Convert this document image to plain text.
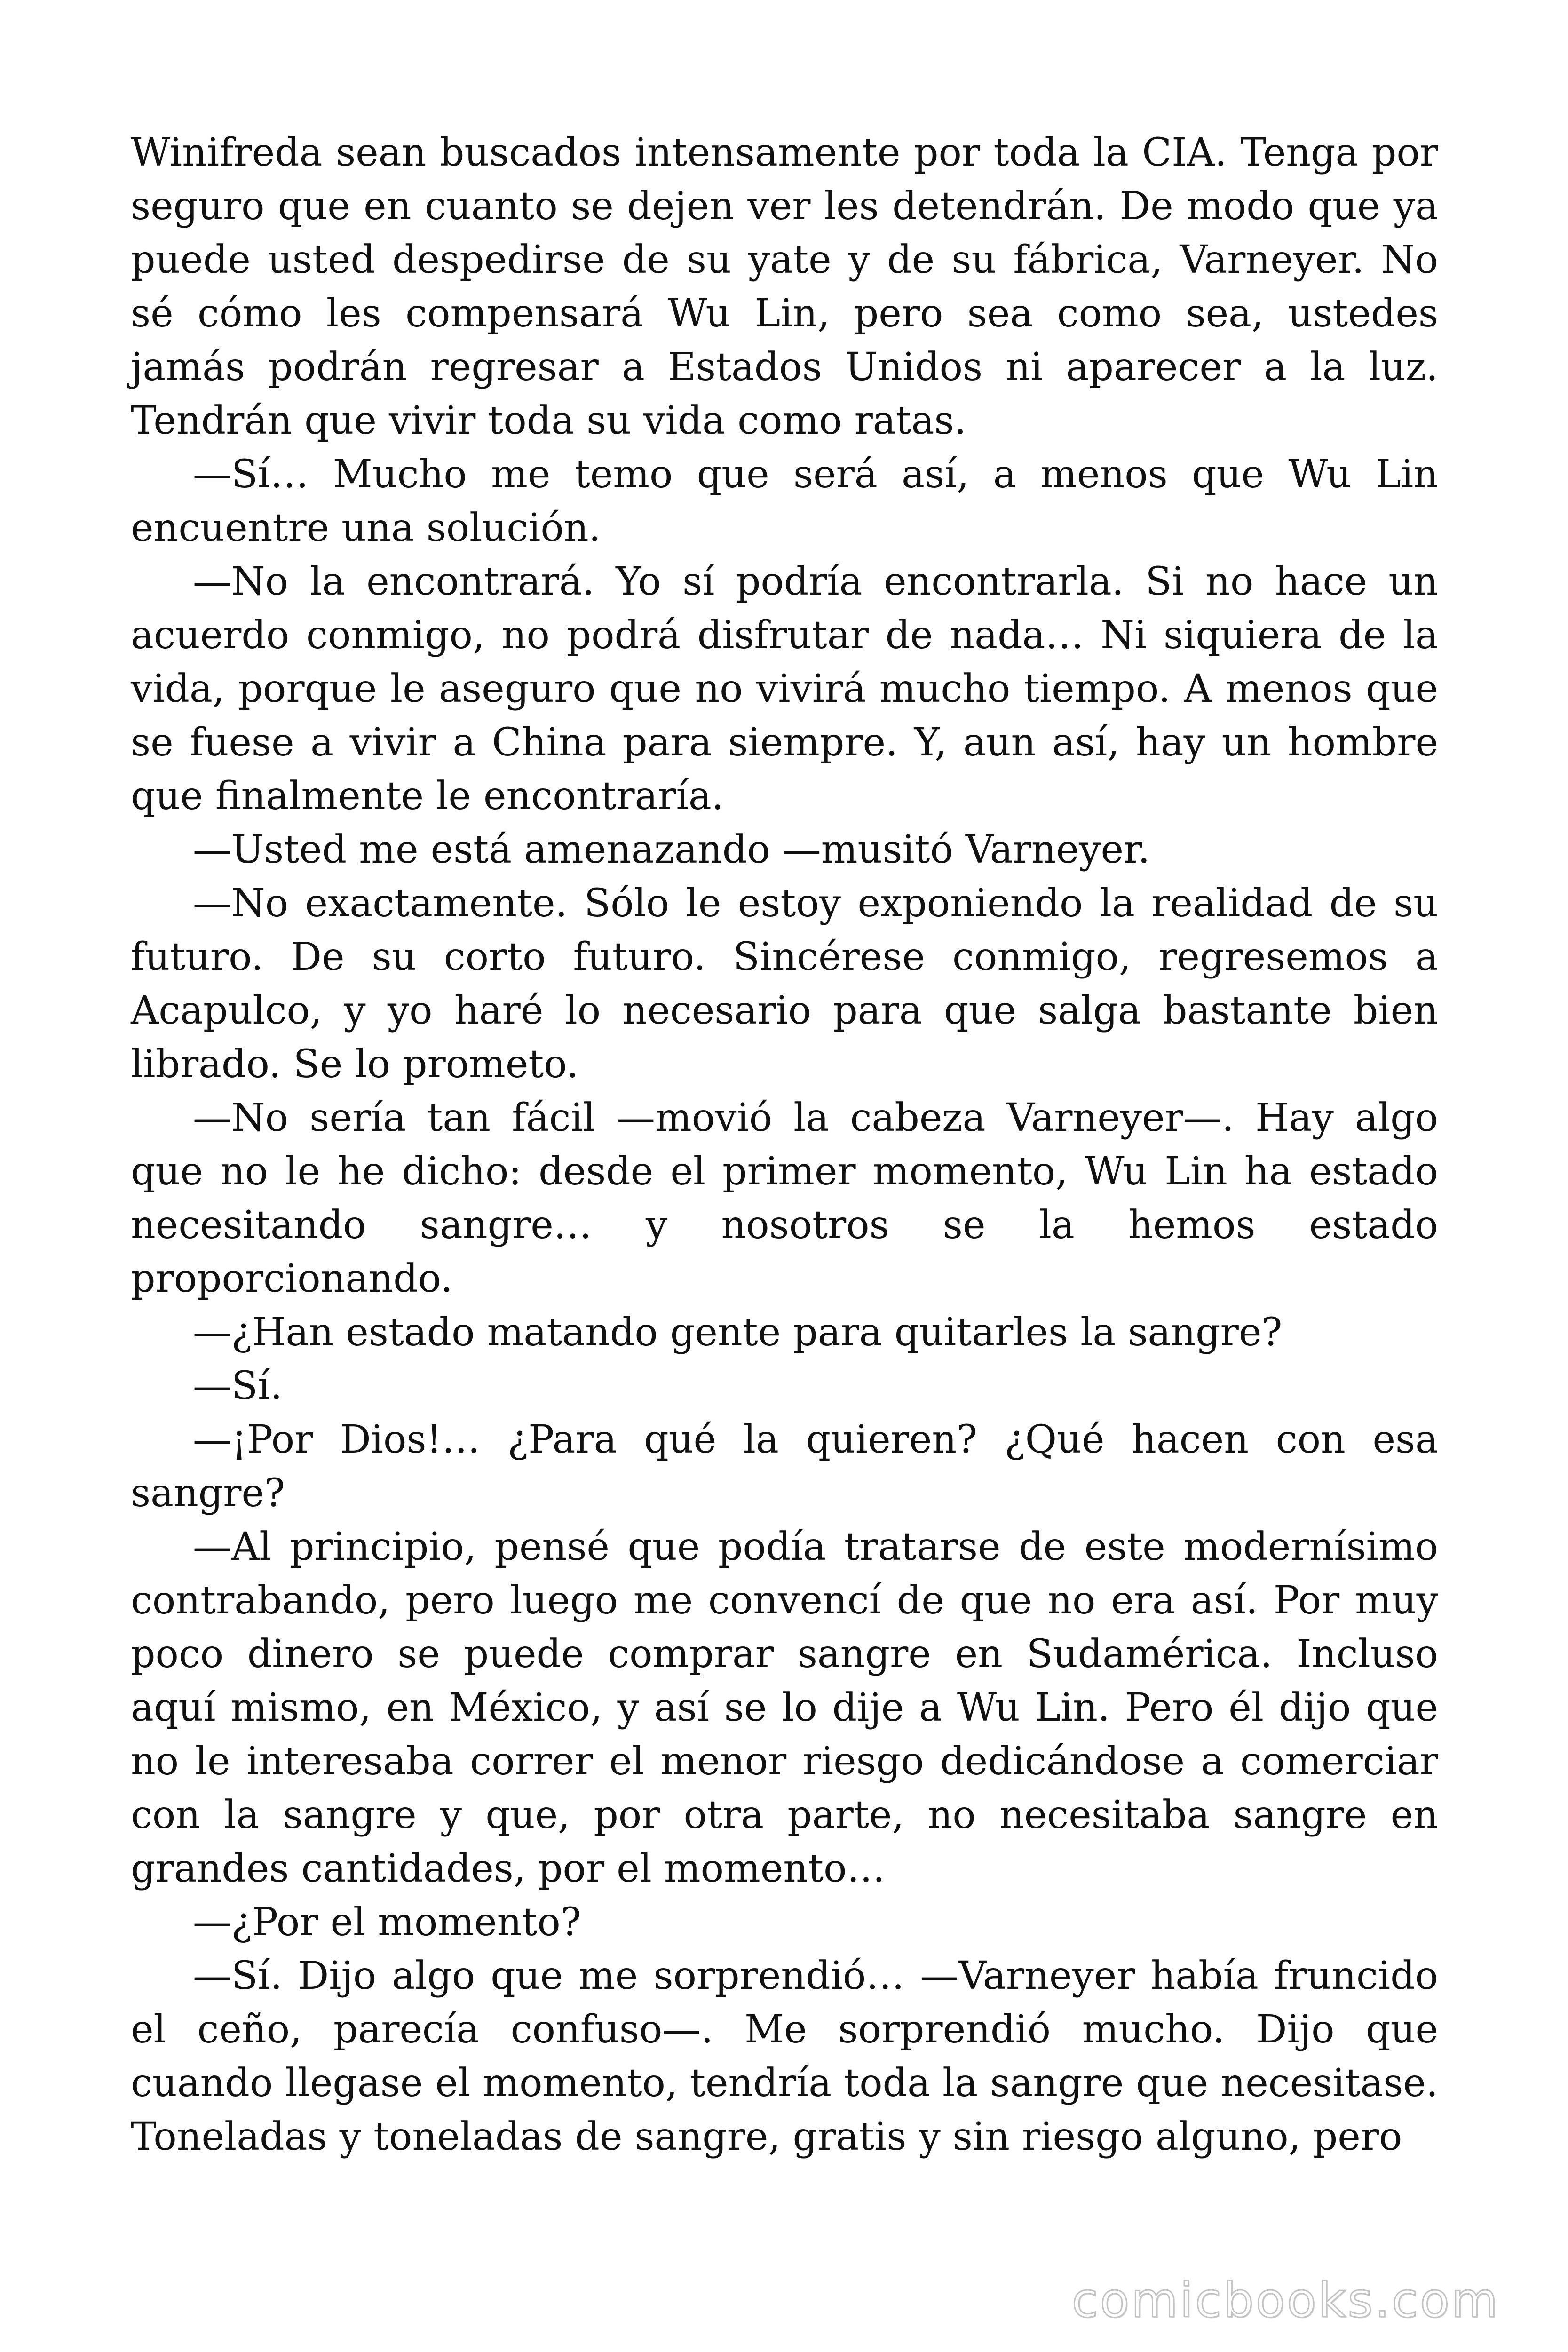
Winifreda sean buscados intensamente por toda la CIA. Tenga por seguro que en cuanto se dejen ver les detendrán. De modo que ya puede usted despedirse de su yate y de su fábrica, Varneyer. No sé cómo les compensará Wu Lin, pero sea como sea, ustedes jamás podrán regresar a Estados Unidos ni aparecer a la luz. Tendrán que vivir toda su vida como ratas.

—Sí… Mucho me temo que será así, a menos que Wu Lin encuentre una solución.

—No la encontrará. Yo sí podría encontrarla. Si no hace un acuerdo conmigo, no podrá disfrutar de nada… Ni siquiera de la vida, porque le aseguro que no vivirá mucho tiempo. A menos que se fuese a vivir a China para siempre. Y, aun así, hay un hombre que finalmente le encontraría.

—Usted me está amenazando —musitó Varneyer.

—No exactamente. Sólo le estoy exponiendo la realidad de su futuro. De su corto futuro. Sincérese conmigo, regresemos a Acapulco, y yo haré lo necesario para que salga bastante bien librado. Se lo prometo.

—No sería tan fácil —movió la cabeza Varneyer—. Hay algo que no le he dicho: desde el primer momento, Wu Lin ha estado necesitando sangre… y nosotros se la hemos estado proporcionando.

—¿Han estado matando gente para quitarles la sangre?

—Sí.

—¡Por Dios!… ¿Para qué la quieren? ¿Qué hacen con esa sangre?

—Al principio, pensé que podía tratarse de este modernísimo contrabando, pero luego me convencí de que no era así. Por muy poco dinero se puede comprar sangre en Sudamérica. Incluso aquí mismo, en México, y así se lo dije a Wu Lin. Pero él dijo que no le interesaba correr el menor riesgo dedicándose a comerciar con la sangre y que, por otra parte, no necesitaba sangre en grandes cantidades, por el momento…

—¿Por el momento?

—Sí. Dijo algo que me sorprendió… —Varneyer había fruncido el ceño, parecía confuso—. Me sorprendió mucho. Dijo que cuando llegase el momento, tendría toda la sangre que necesitase. Toneladas y toneladas de sangre, gratis y sin riesgo alguno, pero

comicbooks.com
